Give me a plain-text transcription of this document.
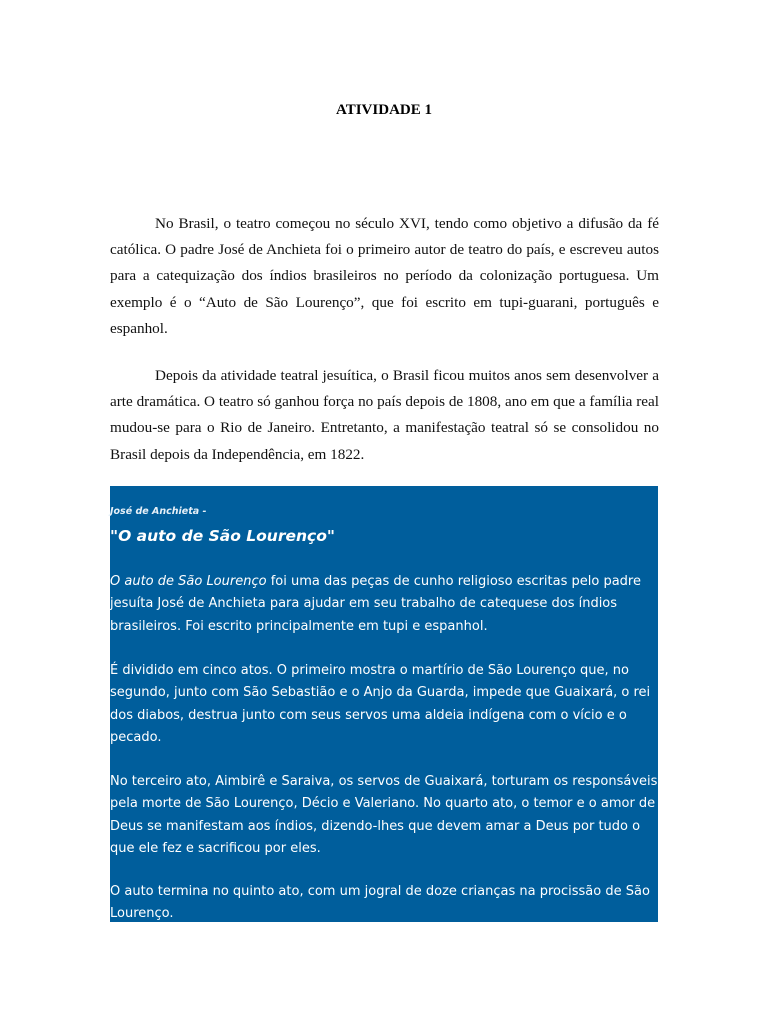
ATIVIDADE 1

No Brasil, o teatro começou no século XVI, tendo como objetivo a difusão da fé católica. O padre José de Anchieta foi o primeiro autor de teatro do país, e escreveu autos para a catequização dos índios brasileiros no período da colonização portuguesa. Um exemplo é o “Auto de São Lourenço”, que foi escrito em tupi-guarani, português e espanhol.

Depois da atividade teatral jesuítica, o Brasil ficou muitos anos sem desenvolver a arte dramática. O teatro só ganhou força no país depois de 1808, ano em que a família real mudou-se para o Rio de Janeiro. Entretanto, a manifestação teatral só se consolidou no Brasil depois da Independência, em 1822.

José de Anchieta -
"O auto de São Lourenço"

O auto de São Lourenço foi uma das peças de cunho religioso escritas pelo padre jesuíta José de Anchieta para ajudar em seu trabalho de catequese dos índios brasileiros. Foi escrito principalmente em tupi e espanhol.

É dividido em cinco atos. O primeiro mostra o martírio de São Lourenço que, no segundo, junto com São Sebastião e o Anjo da Guarda, impede que Guaixará, o rei dos diabos, destrua junto com seus servos uma aldeia indígena com o vício e o pecado.

No terceiro ato, Aimbirê e Saraiva, os servos de Guaixará, torturam os responsáveis pela morte de São Lourenço, Décio e Valeriano. No quarto ato, o temor e o amor de Deus se manifestam aos índios, dizendo-lhes que devem amar a Deus por tudo o que ele fez e sacrificou por eles.

O auto termina no quinto ato, com um jogral de doze crianças na procissão de São Lourenço.
